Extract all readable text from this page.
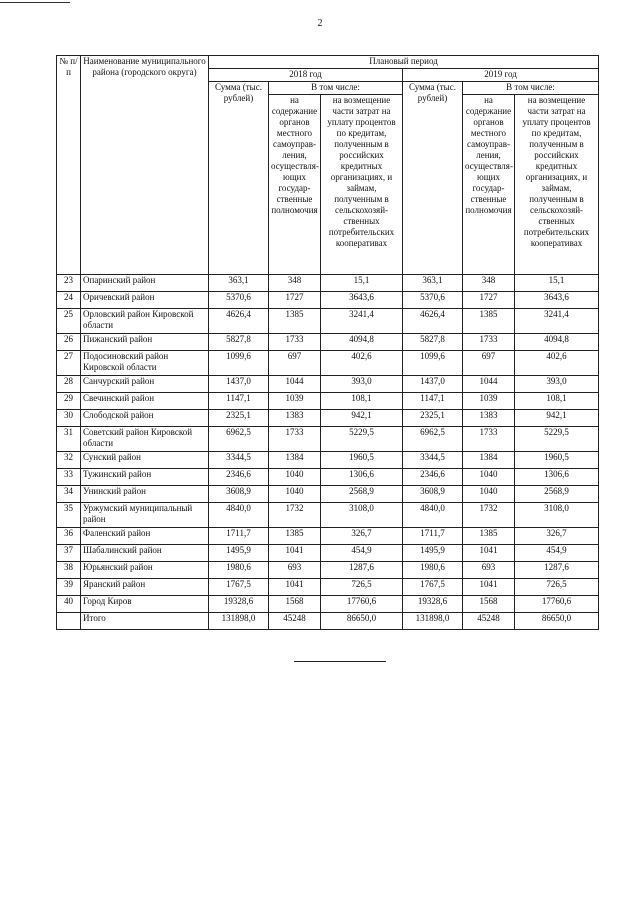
2
№ п/п	Наименование муниципального района (городского округа)	Плановый период					
		2018 год			2019 год		
		Сумма (тыс. рублей)	В том числе:		Сумма (тыс. рублей)	В том числе:	
			на содержание органов местного самоуправ-ления, осуществля-ющих государ-ственные полномочия	на возмещение части затрат на уплату процентов по кредитам, полученным в российских кредитных организациях, и займам, полученным в сельскохозяй-ственных потребительских кооперативах		на содержание органов местного самоуправ-ления, осуществля-ющих государ-ственные полномочия	на возмещение части затрат на уплату процентов по кредитам, полученным в российских кредитных организациях, и займам, полученным в сельскохозяй-ственных потребительских кооперативах
23	Опаринский район	363,1	348	15,1	363,1	348	15,1
24	Оричевский район	5370,6	1727	3643,6	5370,6	1727	3643,6
25	Орловский район Кировской области	4626,4	1385	3241,4	4626,4	1385	3241,4
26	Пижанский район	5827,8	1733	4094,8	5827,8	1733	4094,8
27	Подосиновский район Кировской области	1099,6	697	402,6	1099,6	697	402,6
28	Санчурский район	1437,0	1044	393,0	1437,0	1044	393,0
29	Свечинский район	1147,1	1039	108,1	1147,1	1039	108,1
30	Слободской район	2325,1	1383	942,1	2325,1	1383	942,1
31	Советский район Кировской области	6962,5	1733	5229,5	6962,5	1733	5229,5
32	Сунский район	3344,5	1384	1960,5	3344,5	1384	1960,5
33	Тужинский район	2346,6	1040	1306,6	2346,6	1040	1306,6
34	Унинский район	3608,9	1040	2568,9	3608,9	1040	2568,9
35	Уржумский муниципальный район	4840,0	1732	3108,0	4840,0	1732	3108,0
36	Фаленский район	1711,7	1385	326,7	1711,7	1385	326,7
37	Шабалинский район	1495,9	1041	454,9	1495,9	1041	454,9
38	Юрьянский район	1980,6	693	1287,6	1980,6	693	1287,6
39	Яранский район	1767,5	1041	726,5	1767,5	1041	726,5
40	Город Киров	19328,6	1568	17760,6	19328,6	1568	17760,6
	Итого	131898,0	45248	86650,0	131898,0	45248	86650,0
